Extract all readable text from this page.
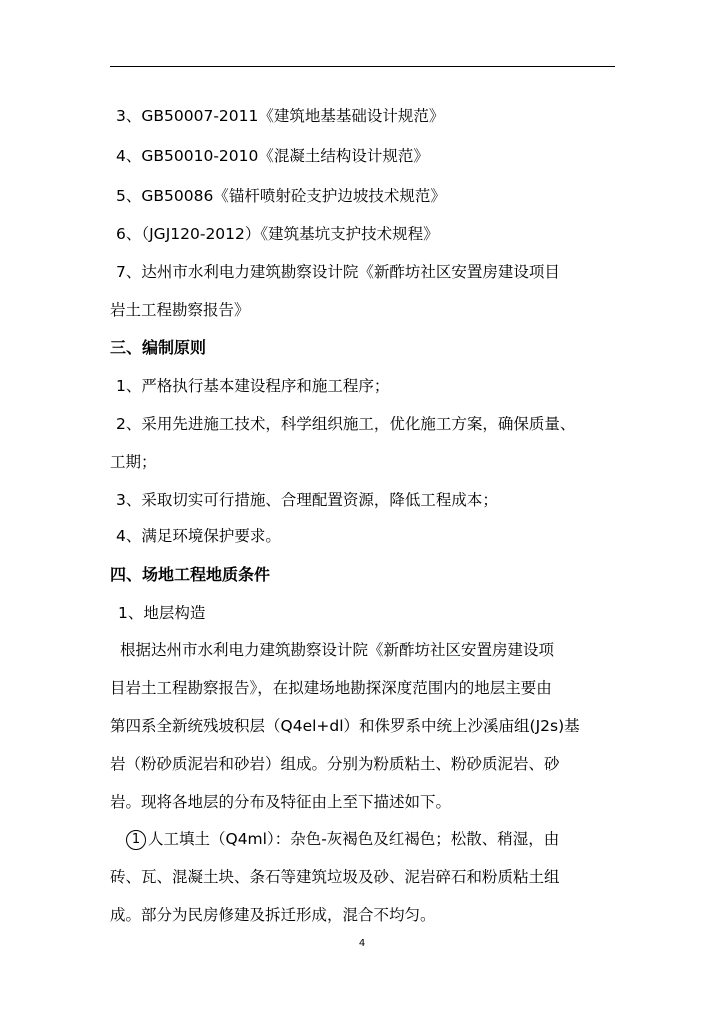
3、GB50007-2011《建筑地基基础设计规范》
4、GB50010-2010《混凝土结构设计规范》
5、GB50086《锚杆喷射砼支护边坡技术规范》
6、（JGJ120-2012）《建筑基坑支护技术规程》
7、达州市水利电力建筑勘察设计院《新酢坊社区安置房建设项目
岩土工程勘察报告》
三、编制原则
1、严格执行基本建设程序和施工程序；
2、采用先进施工技术，科学组织施工，优化施工方案，确保质量、
工期；
3、采取切实可行措施、合理配置资源，降低工程成本；
4、满足环境保护要求。
四、场地工程地质条件
1、地层构造
根据达州市水利电力建筑勘察设计院《新酢坊社区安置房建设项
目岩土工程勘察报告》，在拟建场地勘探深度范围内的地层主要由
第四系全新统残坡积层（Q4el+dl）和侏罗系中统上沙溪庙组(J2s)基
岩（粉砂质泥岩和砂岩）组成。分别为粉质粘土、粉砂质泥岩、砂
岩。现将各地层的分布及特征由上至下描述如下。
1 人工填土（Q4ml）：杂色-灰褐色及红褐色；松散、稍湿，由
砖、瓦、混凝土块、条石等建筑垃圾及砂、泥岩碎石和粉质粘土组
成。部分为民房修建及拆迁形成，混合不均匀。
4
